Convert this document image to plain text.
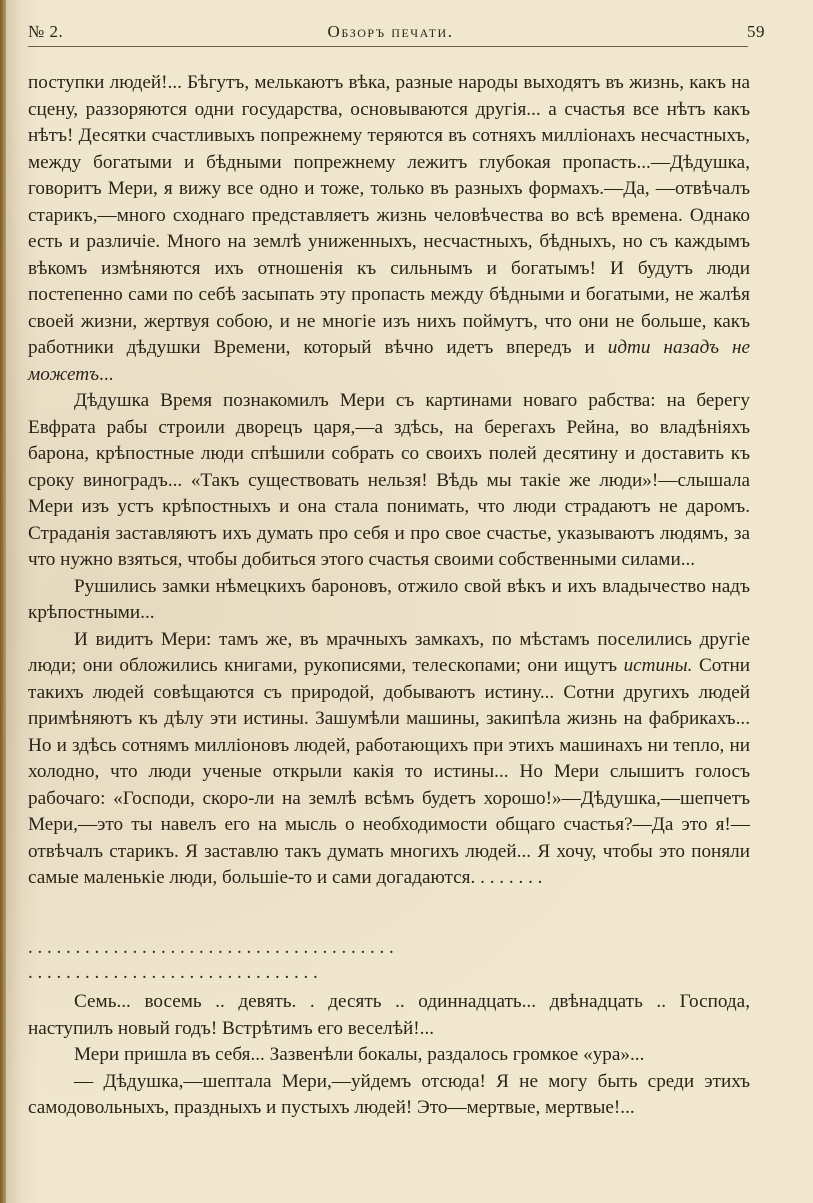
№ 2.	Обзоръ печати.	59

поступки людей!... Бѣгутъ, мелькаютъ вѣка, разные народы выходятъ въ жизнь, какъ на сцену, раззоряются одни государства, основываются другія... а счастья все нѣтъ какъ нѣтъ! Десятки счастливыхъ попрежнему теряются въ сотняхъ милліонахъ несчастныхъ, между богатыми и бѣдными попрежнему лежитъ глубокая пропасть...—Дѣдушка, говоритъ Мери, я вижу все одно и тоже, только въ разныхъ формахъ.—Да, —отвѣчалъ старикъ,—много сходнаго представляетъ жизнь человѣчества во всѣ времена. Однако есть и различіе. Много на землѣ униженныхъ, несчастныхъ, бѣдныхъ, но съ каждымъ вѣкомъ измѣняются ихъ отношенія къ сильнымъ и богатымъ! И будутъ люди постепенно сами по себѣ засыпать эту пропасть между бѣдными и богатыми, не жалѣя своей жизни, жертвуя собою, и не многіе изъ нихъ поймутъ, что они не больше, какъ работники дѣдушки Времени, который вѣчно идетъ впередъ и идти назадъ не можетъ...

Дѣдушка Время познакомилъ Мери съ картинами новаго рабства: на берегу Евфрата рабы строили дворецъ царя,—а здѣсь, на берегахъ Рейна, во владѣніяхъ барона, крѣпостные люди спѣшили собрать со своихъ полей десятину и доставить къ сроку виноградъ... «Такъ существовать нельзя! Вѣдь мы такіе же люди»!—слышала Мери изъ устъ крѣпостныхъ и она стала понимать, что люди страдаютъ не даромъ. Страданія заставляютъ ихъ думать про себя и про свое счастье, указываютъ людямъ, за что нужно взяться, чтобы добиться этого счастья своими собственными силами...

Рушились замки нѣмецкихъ бароновъ, отжило свой вѣкъ и ихъ владычество надъ крѣпостными...

И видитъ Мери: тамъ же, въ мрачныхъ замкахъ, по мѣстамъ поселились другіе люди; они обложились книгами, рукописями, телескопами; они ищутъ истины. Сотни такихъ людей совѣщаются съ природой, добываютъ истину... Сотни другихъ людей примѣняютъ къ дѣлу эти истины. Зашумѣли машины, закипѣла жизнь на фабрикахъ... Но и здѣсь сотнямъ милліоновъ людей, работающихъ при этихъ машинахъ ни тепло, ни холодно, что люди ученые открыли какія то истины... Но Мери слышитъ голосъ рабочаго: «Господи, скоро-ли на землѣ всѣмъ будетъ хорошо!»—Дѣдушка,—шепчетъ Мери,—это ты навелъ его на мысль о необходимости общаго счастья?—Да это я!—отвѣчалъ старикъ. Я заставлю такъ думать многихъ людей... Я хочу, чтобы это поняли самые маленькіе люди, большіе-то и сами догадаются. . . . . . . .

. . . . . . . . . . . . . . . . . . . . . . . . . . . . . . . . . . . . . . .
. . . . . . . . . . . . . . . . . . . . . . . . . . . . . . .

Семь... восемь .. девять. . десять .. одиннадцать... двѣнадцать .. Господа, наступилъ новый годъ! Встрѣтимъ его веселѣй!...

Мери пришла въ себя... Зазвенѣли бокалы, раздалось громкое «ура»...

— Дѣдушка,—шептала Мери,—уйдемъ отсюда! Я не могу быть среди этихъ самодовольныхъ, праздныхъ и пустыхъ людей! Это—мертвые, мертвые!...
